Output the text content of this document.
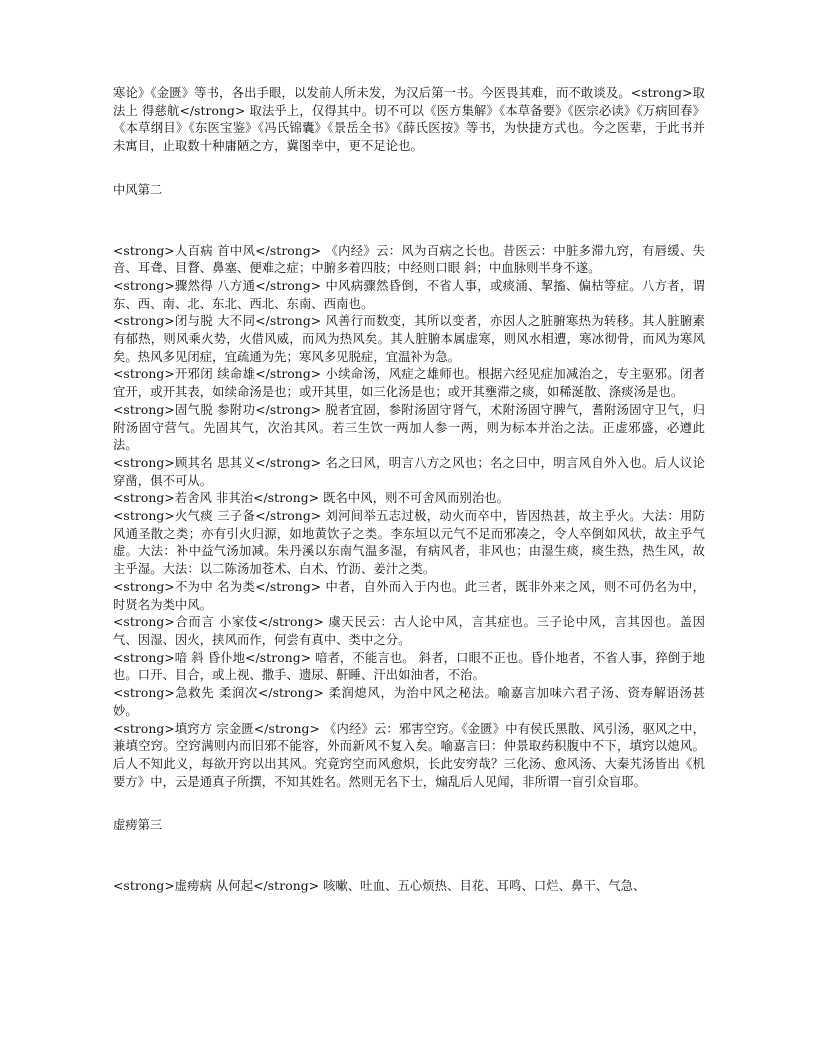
寒论》《金匮》等书，各出手眼，以发前人所未发，为汉后第一书。今医畏其难，而不敢谈及。<strong>取法上 得慈航</strong> 取法乎上，仅得其中。切不可以《医方集解》《本草备要》《医宗必读》《万病回春》《本草纲目》《东医宝鉴》《冯氏锦囊》《景岳全书》《薛氏医按》等书，为快捷方式也。今之医辈，于此书并未寓目，止取数十种庸陋之方，冀图幸中，更不足论也。

中风第二

<strong>人百病 首中风</strong> 《内经》云：风为百病之长也。昔医云：中脏多滞九窍，有唇缓、失音、耳聋、目瞀、鼻塞、便难之症；中腑多着四肢；中经则口眼 斜；中血脉则半身不遂。
<strong>骤然得 八方通</strong> 中风病骤然昏倒，不省人事，或痰涌、挈搐、偏枯等症。八方者，谓东、西、南、北、东北、西北、东南、西南也。
<strong>闭与脱 大不同</strong> 风善行而数变，其所以变者，亦因人之脏腑寒热为转移。其人脏腑素有郁热，则风乘火势，火借风威，而风为热风矣。其人脏腑本属虚寒，则风水相遭，寒冰彻骨，而风为寒风矣。热风多见闭症，宜疏通为先；寒风多见脱症，宜温补为急。
<strong>开邪闭 续命雄</strong> 小续命汤，风症之雄师也。根据六经见症加减治之，专主驱邪。闭者宜开，或开其表，如续命汤是也；或开其里，如三化汤是也；或开其壅滞之痰，如稀涎散、涤痰汤是也。
<strong>固气脱 参附功</strong> 脱者宜固，参附汤固守肾气，术附汤固守脾气，耆附汤固守卫气，归附汤固守营气。先固其气，次治其风。若三生饮一两加人参一两，则为标本并治之法。正虚邪盛，必遵此法。
<strong>顾其名 思其义</strong> 名之曰风，明言八方之风也；名之曰中，明言风自外入也。后人议论穿凿，俱不可从。
<strong>若舍风 非其治</strong> 既名中风，则不可舍风而别治也。
<strong>火气痰 三子备</strong> 刘河间举五志过极，动火而卒中，皆因热甚，故主乎火。大法：用防风通圣散之类；亦有引火归源，如地黄饮子之类。李东垣以元气不足而邪凑之，令人卒倒如风状，故主乎气虚。大法：补中益气汤加减。朱丹溪以东南气温多湿，有病风者，非风也；由湿生痰，痰生热，热生风，故主乎湿。大法：以二陈汤加苍术、白术、竹沥、姜汁之类。
<strong>不为中 名为类</strong> 中者，自外而入于内也。此三者，既非外来之风，则不可仍名为中，时贤名为类中风。
<strong>合而言 小家伎</strong> 虞天民云：古人论中风，言其症也。三子论中风，言其因也。盖因气、因湿、因火，挟风而作，何尝有真中、类中之分。
<strong>喑 斜 昏仆地</strong> 喑者，不能言也。 斜者，口眼不正也。昏仆地者，不省人事，猝倒于地也。口开、目合，或上视、撒手、遗尿、鼾睡、汗出如油者，不治。
<strong>急救先 柔润次</strong> 柔润熄风，为治中风之秘法。喻嘉言加味六君子汤、资寿解语汤甚妙。
<strong>填窍方 宗金匮</strong> 《内经》云：邪害空窍。《金匮》中有侯氏黑散、风引汤，驱风之中，兼填空窍。空窍满则内而旧邪不能容，外而新风不复入矣。喻嘉言曰：仲景取药积腹中不下，填窍以熄风。后人不知此义，每欲开窍以出其风。究竟窍空而风愈炽，长此安穷哉？三化汤、愈风汤、大秦艽汤皆出《机要方》中，云是通真子所撰，不知其姓名。然则无名下士，煽乱后人见闻，非所谓一盲引众盲耶。

虚痨第三

<strong>虚痨病 从何起</strong> 咳嗽、吐血、五心烦热、目花、耳鸣、口烂、鼻干、气急、
